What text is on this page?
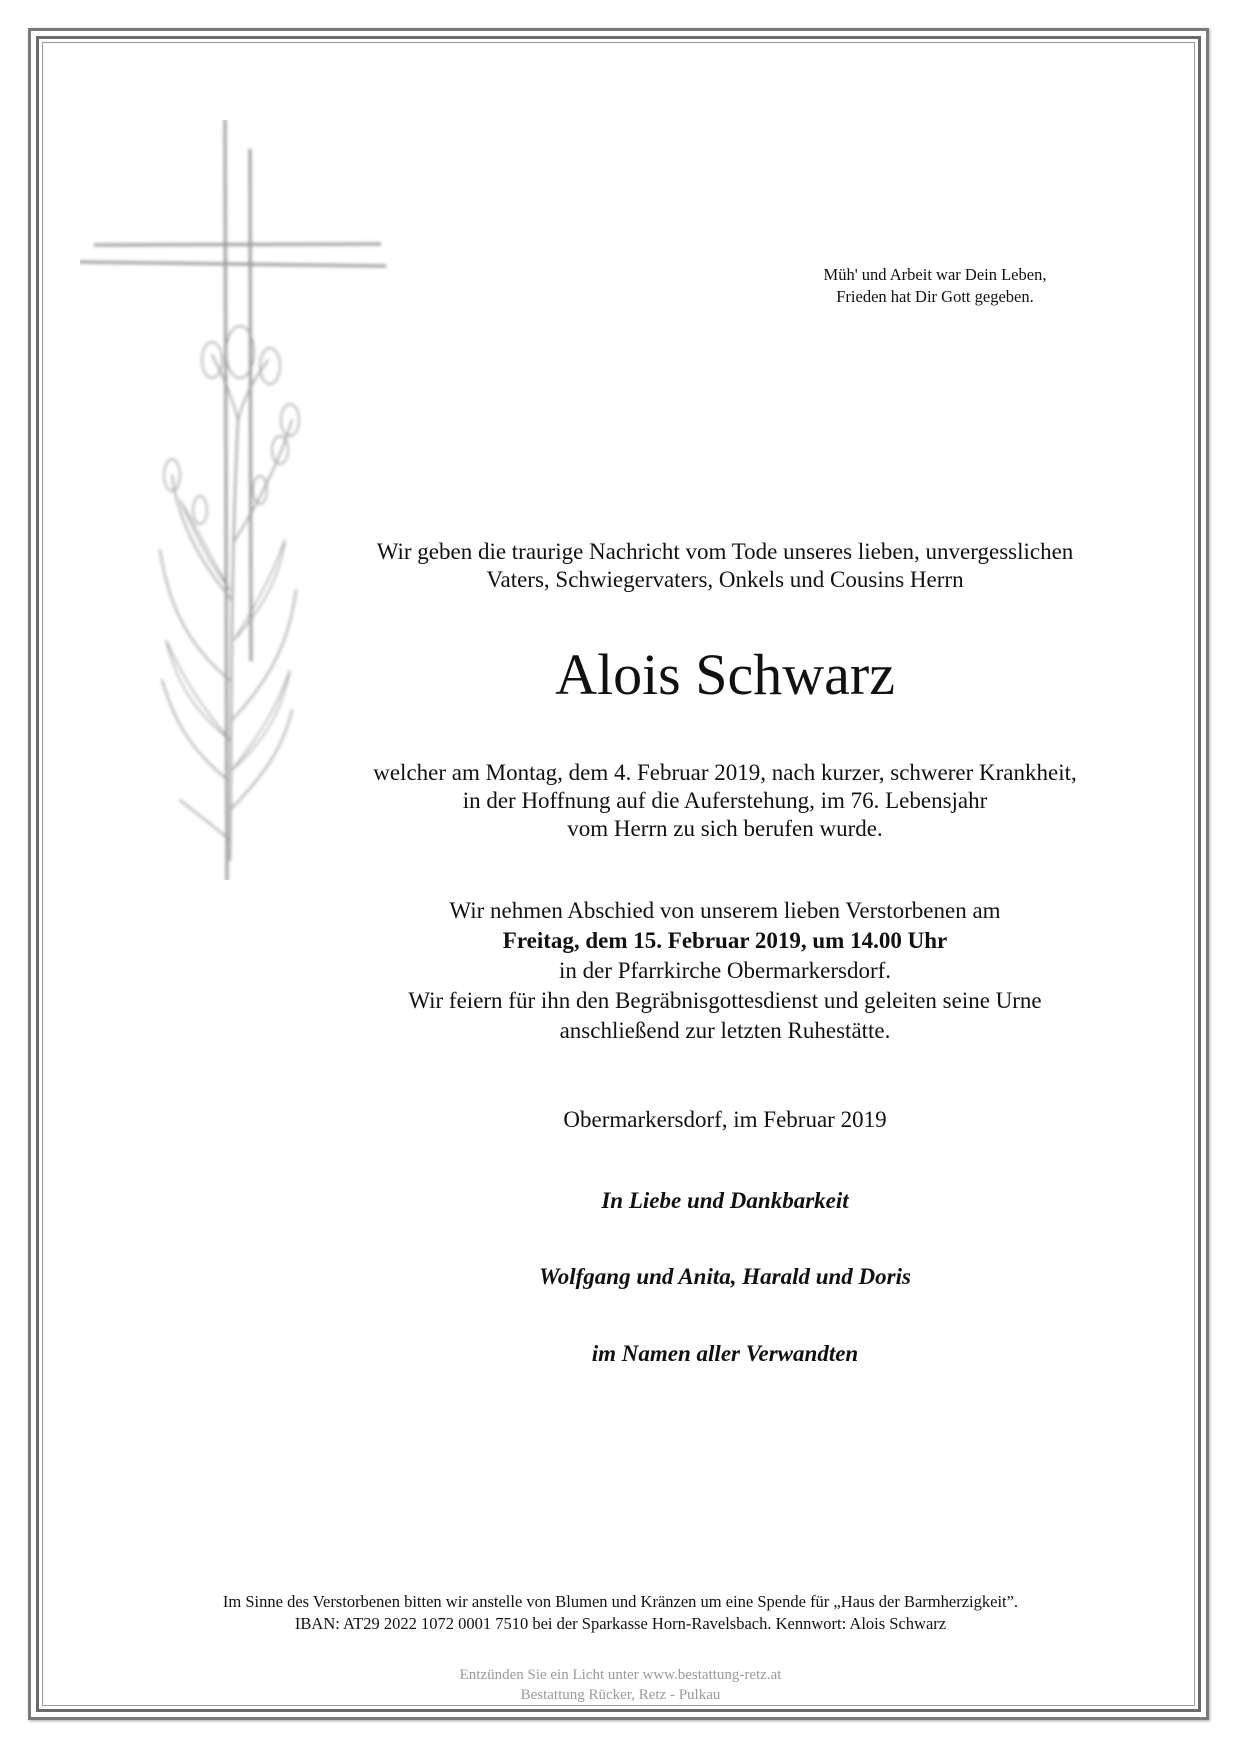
Müh' und Arbeit war Dein Leben,
Frieden hat Dir Gott gegeben.
Wir geben die traurige Nachricht vom Tode unseres lieben, unvergesslichen
Vaters, Schwiegervaters, Onkels und Cousins Herrn
Alois Schwarz
welcher am Montag, dem 4. Februar 2019, nach kurzer, schwerer Krankheit,
in der Hoffnung auf die Auferstehung, im 76. Lebensjahr
vom Herrn zu sich berufen wurde.
Wir nehmen Abschied von unserem lieben Verstorbenen am
Freitag, dem 15. Februar 2019, um 14.00 Uhr
in der Pfarrkirche Obermarkersdorf.
Wir feiern für ihn den Begräbnisgottesdienst und geleiten seine Urne
anschließend zur letzten Ruhestätte.
Obermarkersdorf, im Februar 2019
In Liebe und Dankbarkeit
Wolfgang und Anita, Harald und Doris
im Namen aller Verwandten
Im Sinne des Verstorbenen bitten wir anstelle von Blumen und Kränzen um eine Spende für „Haus der Barmherzigkeit”.
IBAN: AT29 2022 1072 0001 7510 bei der Sparkasse Horn-Ravelsbach. Kennwort: Alois Schwarz
Entzünden Sie ein Licht unter www.bestattung-retz.at
Bestattung Rücker, Retz - Pulkau
